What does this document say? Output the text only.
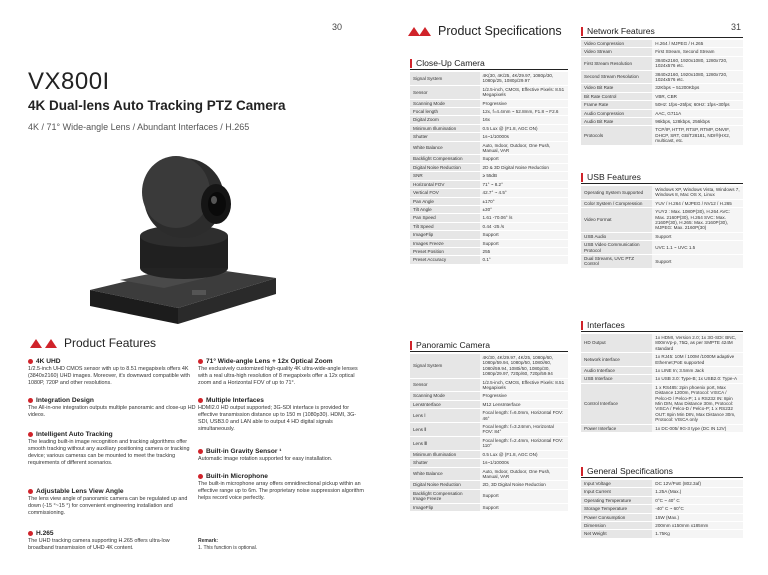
30	31
VX800I
4K Dual-lens Auto Tracking PTZ Camera
4K / 71° Wide-angle Lens / Abundant Interfaces / H.265
Product Features
4K UHD
1/2.5-inch UHD CMOS sensor with up to 8.51 megapixels offers 4K (3840x2160) UHD images. Moreover, it's downward compatible with 1080P, 720P and other resolutions.
Integration Design
The All-in-one integration outputs multiple panoramic and close-up HD videos.
Intelligent Auto Tracking
The leading built-in image recognition and tracking algorithms offer smooth tracking without any auxiliary positioning camera or tracking device; various cameras can be mounted to meet the tracking requirements of different scenarios.
Adjustable Lens View Angle
The lens view angle of panoramic camera can be regulated up and down (-15 °~15 °) for convenient engineering installation and commissioning.
H.265
The UHD tracking camera supporting H.265 offers ultra-low broadband transmission of UHD 4K content.
71° Wide-angle Lens + 12x Optical Zoom
The exclusively customized high-quality 4K ultra-wide-angle lenses with a real ultra-high resolution of 8 megapixels offer a 12x optical zoom and a Horizontal FOV of up to 71°.
Multiple Interfaces
HDMI2.0 HD output supported; 3G-SDI interface is provided for effective transmission distance up to 150 m (1080p30). HDMI, 3G-SDI, USB3.0 and LAN able to output 4 HD digital signals simultaneously.
Built-in Gravity Sensor ¹
Automatic image rotation supported for easy installation.
Built-in Microphone
The built-in microphone array offers omnidirectional pickup within an effective range up to 6m. The proprietary noise suppression algorithm helps record voice perfectly.
Remark:
1. This function is optional.
Product Specifications
Close-Up Camera
Signal System	4K(30, 4K/25, 4K/29.97, 1080p/30, 1080p/25, 1080p/29.97
Sensor	1/2.5-inch, CMOS, Effective Pixels: 8.51 Megapixels
Scanning Mode	Progressive
Focal length	12x, f=4.4mm ~ 52.8mm, F1.8 ~ F2.6
Digital Zoom	16x
Minimum Illumination	0.5 Lux @ (F1.8, AGC ON)
Shutter	1s~1/10000s
White Balance	Auto, Indoor, Outdoor, One Push, Manual, VAR
Backlight Compensation	Support
Digital Noise Reduction	2D & 3D Digital Noise Reduction
SNR	≥ 55dB
Horizontal FOV	71° ~ 8.2°
Vertical FOV	42.7° ~ 4.5°
Pan Angle	±170°
Tilt Angle	±30°
Pan Speed	1.61 -70.06° /s
Tilt Speed	0.44 -25 /s
ImageFlip	Support
Images Freeze	Support
Preset Position	255
Preset Accuracy	0.1°
Panoramic Camera
Signal System	4K/30, 4K/29.97, 4K/25, 1080p/60, 1080p/59.94, 1080p/50, 1080i/60, 1080i/59.94, 1080i/50, 1080p/30, 1080p/29.97, 720p/60, 720p/59.94
Sensor	1/2.5-inch, CMOS, Effective Pixels: 8.51 Megapixels
Scanning Mode	Progressive
LensInterface	M12 LensInterface
Lens Ⅰ	Focal length: f=6.0mm, Horizontal FOV: 46°
Lens Ⅱ	Focal length: f=3.24mm, Horizontal FOV: 84°
Lens Ⅲ	Focal length: f=2.4mm, Horizontal FOV: 110°
Minimum Illumination	0.5 Lux @ (F1.8, AGC ON)
Shutter	1s~1/10000s
White Balance	Auto, Indoor, Outdoor, One Push, Manual, VAR
Digital Noise Reduction	2D, 3D Digital Noise Reduction
Backlight Compensation Image Freeze	Support
ImageFlip	Support
Network Features
Video Compression	H.264 / MJPEG / H.265
Video Stream	First Stream, Second Stream
First Stream Resolution	3840x2160, 1920x1080, 1280x720, 1024x576 etc.
Second Stream Resolution	3840x2160, 1920x1080, 1280x720, 1024x576 etc.
Video Bit Rate	32Kbps ~ 51200Kbps
Bit Rate Control	VBR, CBR
Frame Rate	50Hz: 1fps~25fps; 60Hz: 1fps~30fps
Audio Compression	AAC, G711A
Audio Bit Rate	96kbps, 128kbps, 256kbps
Protocols	TCP/IP, HTTP, RTSP, RTMP, ONVIF, DHCP, SRT, GB/T28181, NDI®|HX2, multicast, etc.
USB Features
Operating System Supported	Windows XP, Windows Vista, Windows 7, Windows 8, Mac OS X, Linux
Color System / Compression	YUV / H.264 / MJPEG / NV12 / H.265
Video Format	YUY2 : Max. 1080P(30), H.264 AVC: Max. 2160P(30), H.264 SVC: Max. 2160P(30), H.265: Max. 2160P(30), MJPEG: Max. 2160P(30)
USB Audio	Support
USB Video Communication Protocol	UVC 1.1 ~ UVC 1.5
Dual Streams, UVC PTZ Control	Support
Interfaces
HD Output	1x HDMI, Version 2.0; 1x 3G-SDI: BNC, 800mVp-p, 75Ω, as per SMPTE 424M standard
Network interface	1x RJ45: 10M / 100M /1000M adaptive Ethernet;PoE supported
Audio Interface	1x LINE In; 3.5mm Jack
USB Interface	1x USB 3.0: Type-B; 1x USB2.0: Type-A
Control Interface	1 x RS485: 2pin phoenix port, Max Distance 1200m, Protocol: VISCA / Pelco-D / Pelco-P; 1 x RS232 IN: 8pin Min DIN, Max Distance 30m, Protocol: VISCA / Pelco-D / Pelco-P; 1 x RS232 OUT: 8pin Min DIN, Max Distance 30m, Protocol: VISCA only
Power Interface	1x DC-005/ 9G-3 type (DC IN 12V)
General Specifications
Input Voltage	DC 12V/PoE (802.3af)
Input Current	1.25A (Max.)
Operating Temperature	0°C ~ 40° C
Storage Temperature	-40° C ~ 60°C
Power Consumption	15W (Max.)
Dimension	200mm x150mm x185mm
Net Weight	1.75Kg
